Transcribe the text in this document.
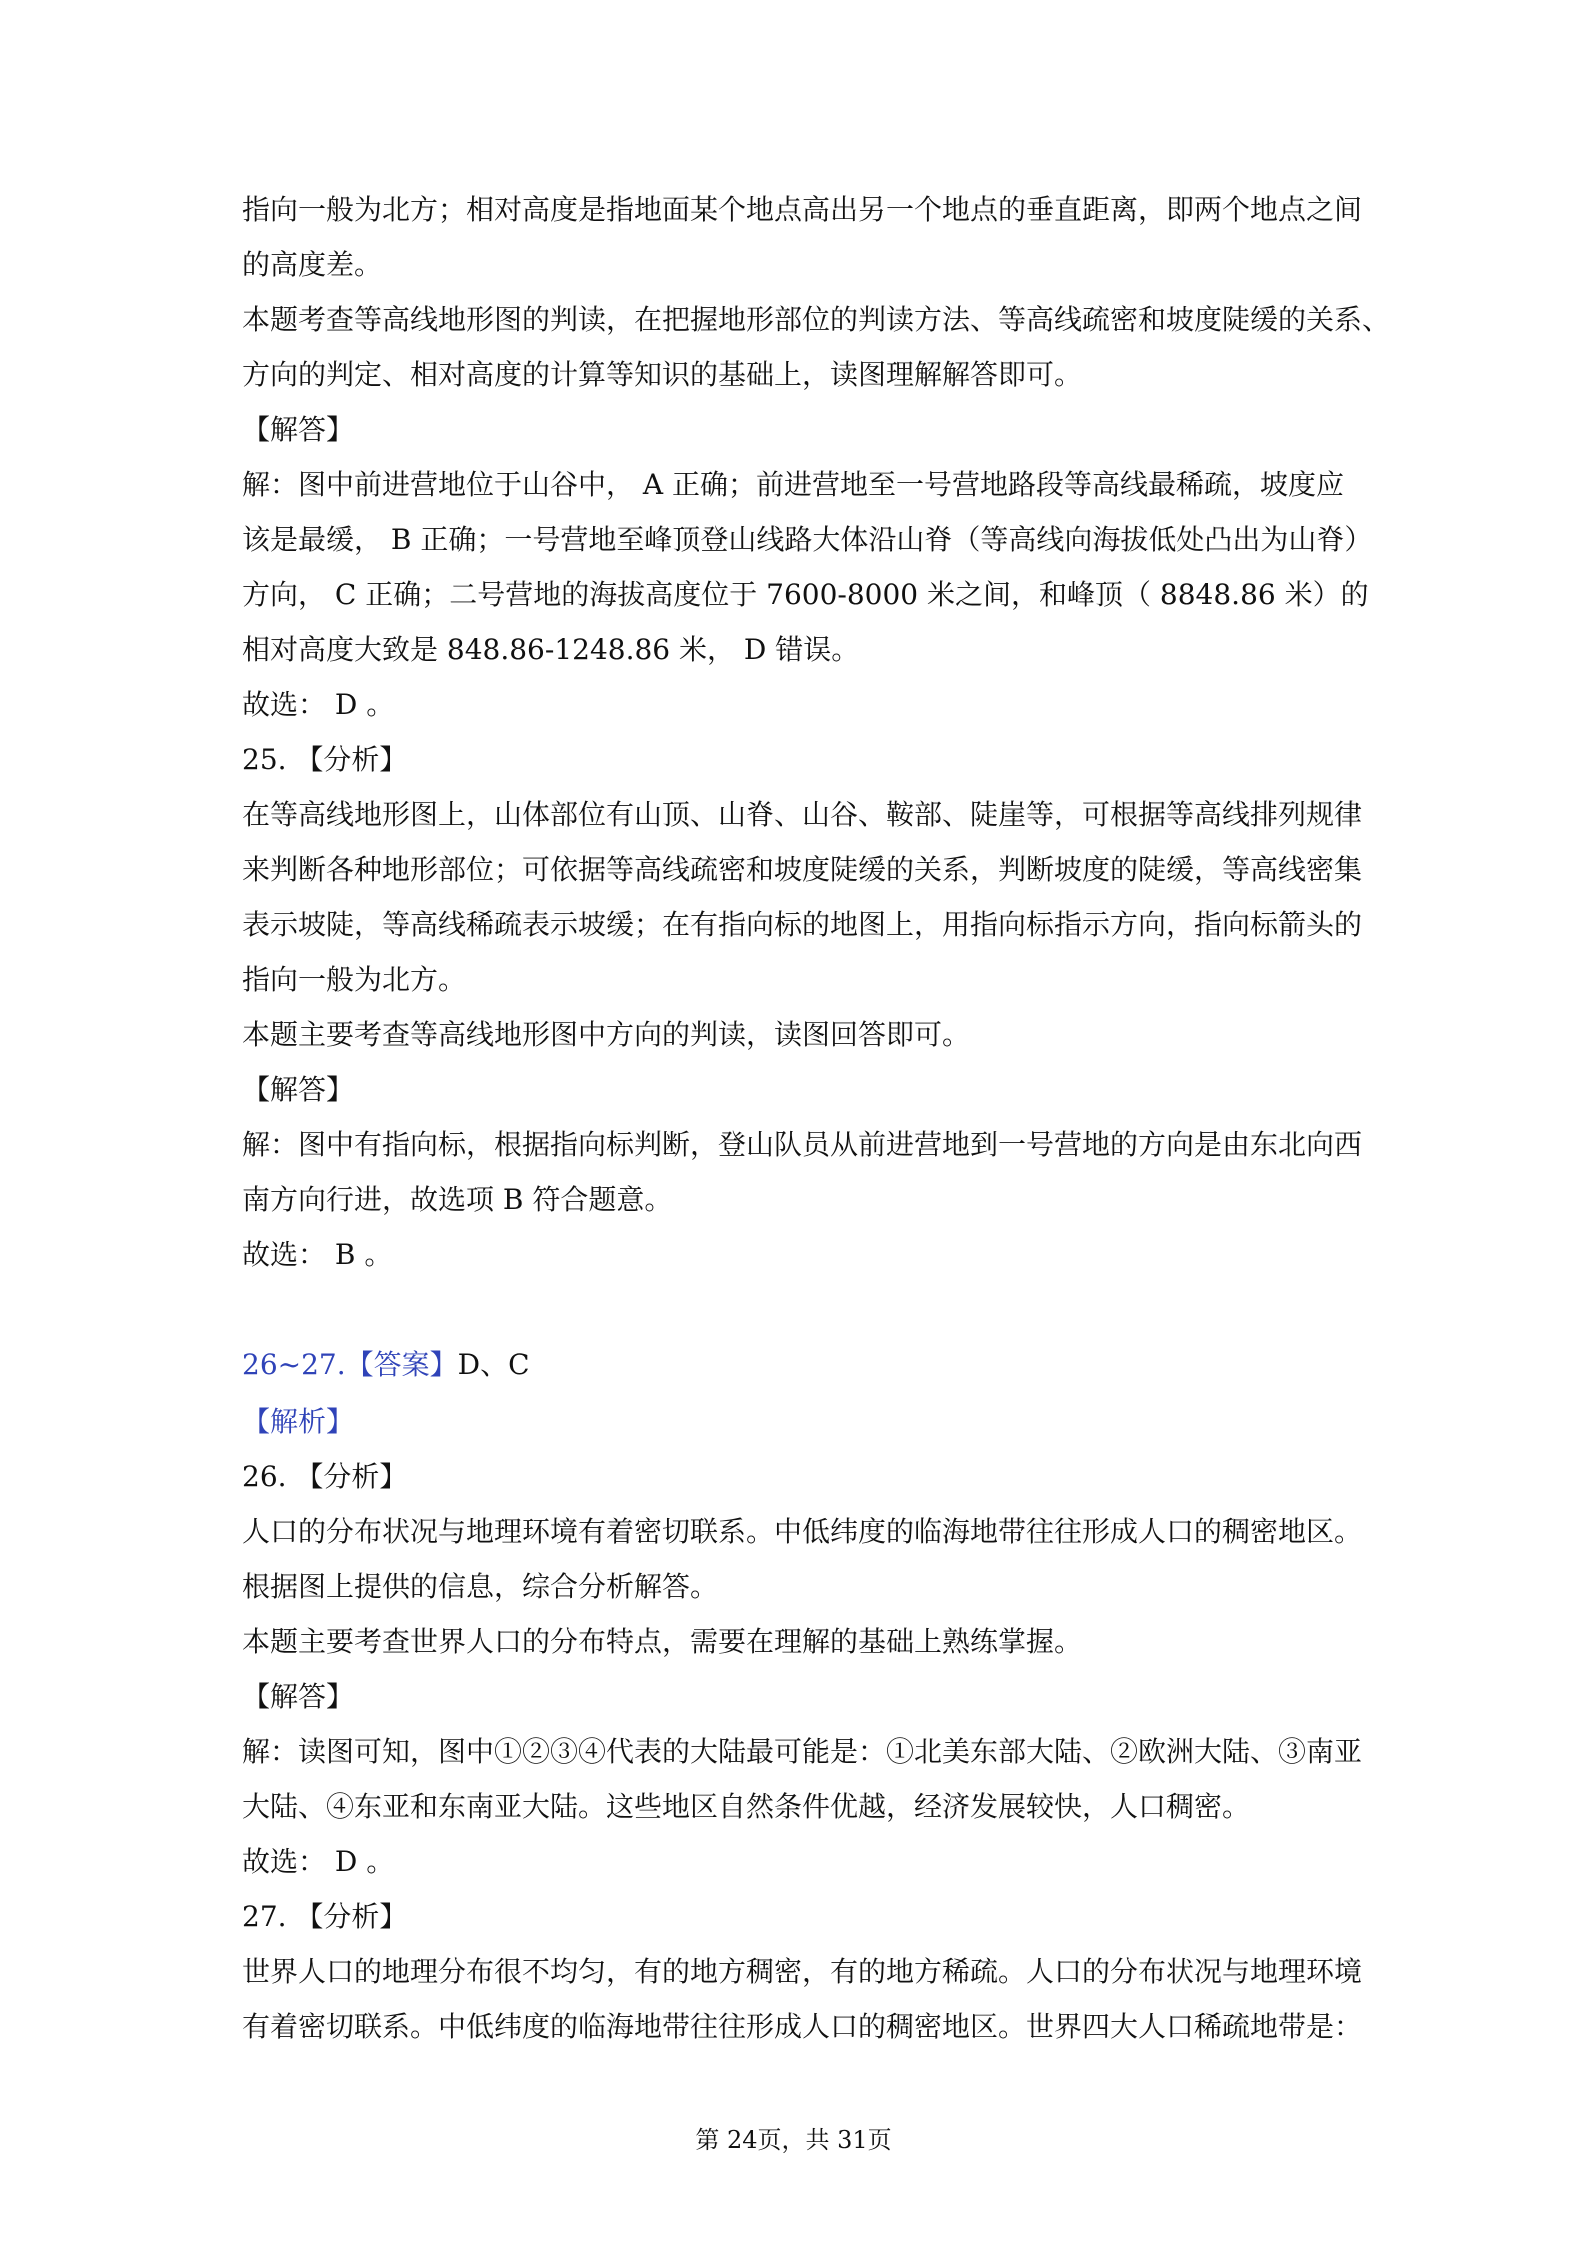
指向一般为北方；相对高度是指地面某个地点高出另一个地点的垂直距离，即两个地点之间
的高度差。
本题考查等高线地形图的判读，在把握地形部位的判读方法、等高线疏密和坡度陡缓的关系、
方向的判定、相对高度的计算等知识的基础上，读图理解解答即可。
【解答】
解：图中前进营地位于山谷中， A 正确；前进营地至一号营地路段等高线最稀疏，坡度应
该是最缓， B 正确；一号营地至峰顶登山线路大体沿山脊（等高线向海拔低处凸出为山脊）
方向， C 正确；二号营地的海拔高度位于 7600-8000 米之间，和峰顶（ 8848.86 米）的
相对高度大致是 848.86-1248.86 米， D 错误。
故选： D 。
25. 【分析】
在等高线地形图上，山体部位有山顶、山脊、山谷、鞍部、陡崖等，可根据等高线排列规律
来判断各种地形部位；可依据等高线疏密和坡度陡缓的关系，判断坡度的陡缓，等高线密集
表示坡陡，等高线稀疏表示坡缓；在有指向标的地图上，用指向标指示方向，指向标箭头的
指向一般为北方。
本题主要考查等高线地形图中方向的判读，读图回答即可。
【解答】
解：图中有指向标，根据指向标判断，登山队员从前进营地到一号营地的方向是由东北向西
南方向行进，故选项 B 符合题意。
故选： B 。
26~27.【答案】D、C
【解析】
26. 【分析】
人口的分布状况与地理环境有着密切联系。中低纬度的临海地带往往形成人口的稠密地区。
根据图上提供的信息，综合分析解答。
本题主要考查世界人口的分布特点，需要在理解的基础上熟练掌握。
【解答】
解：读图可知，图中①②③④代表的大陆最可能是：①北美东部大陆、②欧洲大陆、③南亚
大陆、④东亚和东南亚大陆。这些地区自然条件优越，经济发展较快，人口稠密。
故选： D 。
27. 【分析】
世界人口的地理分布很不均匀，有的地方稠密，有的地方稀疏。人口的分布状况与地理环境
有着密切联系。中低纬度的临海地带往往形成人口的稠密地区。世界四大人口稀疏地带是：
第 24页，共 31页
